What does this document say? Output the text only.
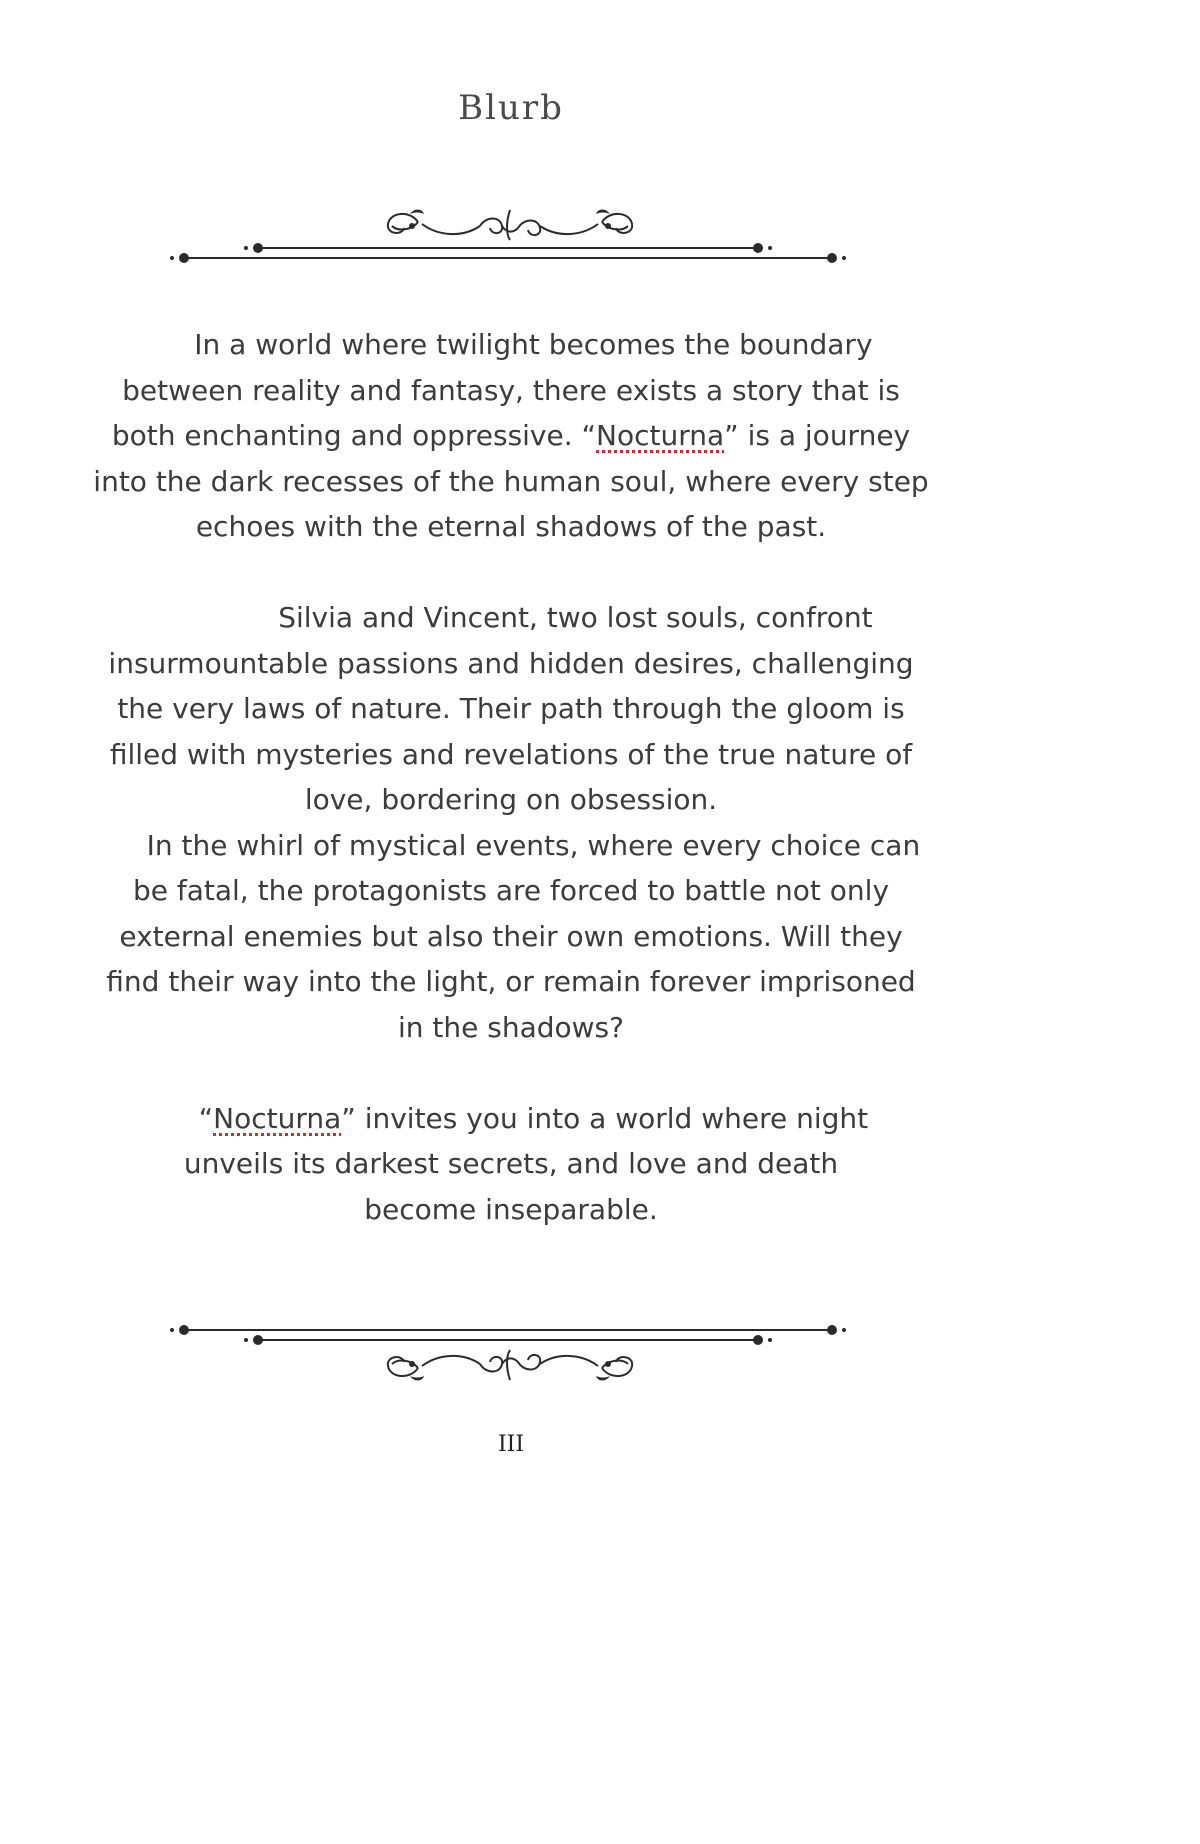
Blurb

In a world where twilight becomes the boundary between reality and fantasy, there exists a story that is both enchanting and oppressive. “Nocturna” is a journey into the dark recesses of the human soul, where every step echoes with the eternal shadows of the past.

Silvia and Vincent, two lost souls, confront insurmountable passions and hidden desires, challenging the very laws of nature. Their path through the gloom is filled with mysteries and revelations of the true nature of love, bordering on obsession.

In the whirl of mystical events, where every choice can be fatal, the protagonists are forced to battle not only external enemies but also their own emotions. Will they find their way into the light, or remain forever imprisoned in the shadows?

“Nocturna” invites you into a world where night unveils its darkest secrets, and love and death become inseparable.

III
